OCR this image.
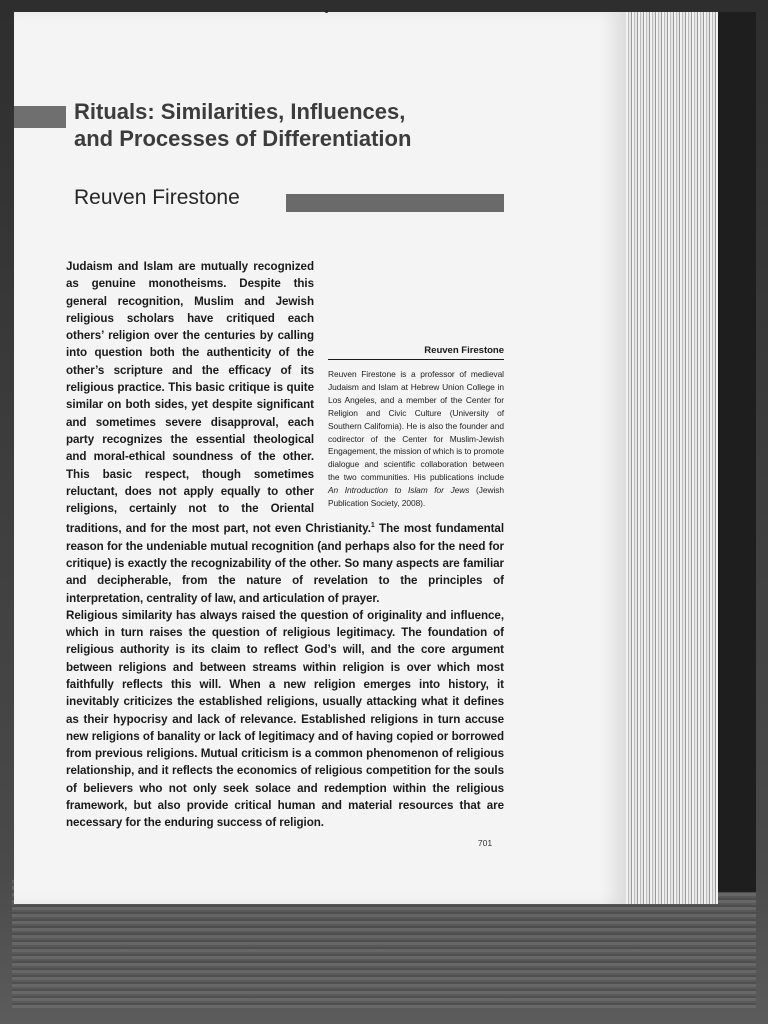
Rituals: Similarities, Influences, and Processes of Differentiation
Reuven Firestone
Reuven Firestone
Reuven Firestone is a professor of medieval Judaism and Islam at Hebrew Union College in Los Angeles, and a member of the Center for Religion and Civic Culture (University of Southern California). He is also the founder and codirector of the Center for Muslim-Jewish Engagement, the mission of which is to promote dialogue and scientific collaboration between the two communities. His publications include An Introduction to Islam for Jews (Jewish Publication Society, 2008).

Judaism and Islam are mutually recognized as genuine monotheisms. Despite this general recognition, Muslim and Jewish religious scholars have critiqued each others’ religion over the centuries by calling into question both the authenticity of the other’s scripture and the efficacy of its religious practice. This basic critique is quite similar on both sides, yet despite significant and sometimes severe disapproval, each party recognizes the essential theological and moral-ethical soundness of the other. This basic respect, though sometimes reluctant, does not apply equally to other religions, certainly not to the Oriental traditions, and for the most part, not even Christianity.$^1$ The most fundamental reason for the undeniable mutual recognition (and perhaps also for the need for critique) is exactly the recognizability of the other. So many aspects are familiar and decipherable, from the nature of revelation to the principles of interpretation, centrality of law, and articulation of prayer.

Religious similarity has always raised the question of originality and influence, which in turn raises the question of religious legitimacy. The foundation of religious authority is its claim to reflect God’s will, and the core argument between religions and between streams within religion is over which most faithfully reflects this will. When a new religion emerges into history, it inevitably criticizes the established religions, usually attacking what it defines as their hypocrisy and lack of relevance. Established religions in turn accuse new religions of banality or lack of legitimacy and of having copied or borrowed from previous religions. Mutual criticism is a common phenomenon of religious relationship, and it reflects the economics of religious competition for the souls of believers who not only seek solace and redemption within the religious framework, but also provide critical human and material resources that are necessary for the enduring success of religion.

701
